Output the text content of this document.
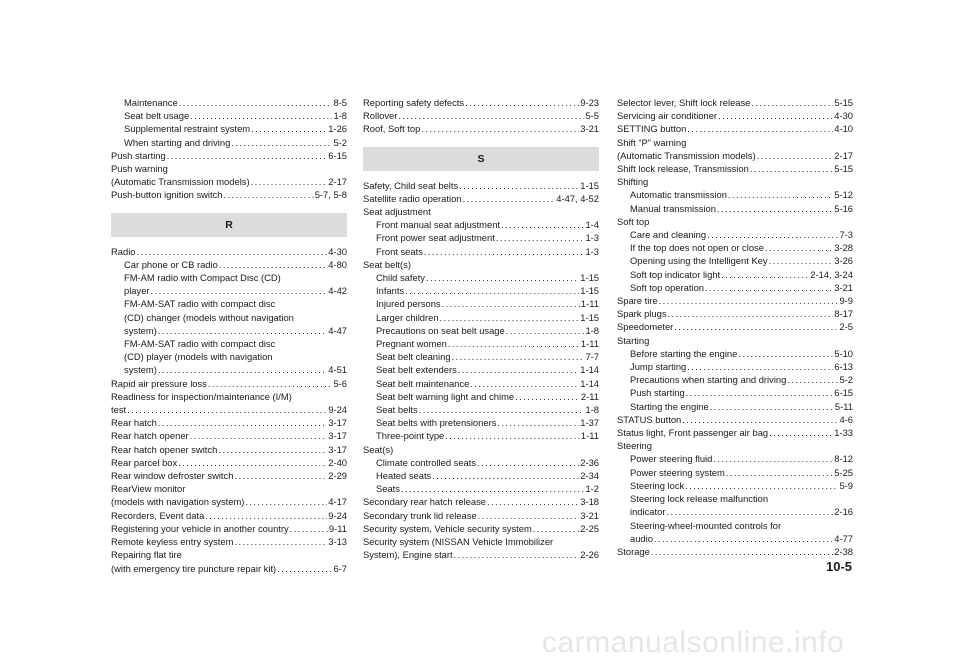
Maintenance . . .	8-5
Seat belt usage . . .	1-8
Supplemental restraint system . . .	1-26
When starting and driving . . .	5-2
Push starting . . .	6-15
Push warning
(Automatic Transmission models) . . .	2-17
Push-button ignition switch . . .	5-7, 5-8
R
Radio . . .	4-30
Car phone or CB radio . . .	4-80
FM-AM radio with Compact Disc (CD)
player . . .	4-42
FM-AM-SAT radio with compact disc
(CD) changer (models without navigation
system) . . .	4-47
FM-AM-SAT radio with compact disc
(CD) player (models with navigation
system) . . .	4-51
Rapid air pressure loss . . .	5-6
Readiness for inspection/maintenance (I/M)
test . . .	9-24
Rear hatch . . .	3-17
Rear hatch opener . . .	3-17
Rear hatch opener switch . . .	3-17
Rear parcel box . . .	2-40
Rear window defroster switch . . .	2-29
RearView monitor
(models with navigation system) . . .	4-17
Recorders, Event data . . .	9-24
Registering your vehicle in another country . . .	9-11
Remote keyless entry system . . .	3-13
Repairing flat tire
(with emergency tire puncture repair kit) . . .	6-7
Reporting safety defects . . .	9-23
Rollover . . .	5-5
Roof, Soft top . . .	3-21
S
Safety, Child seat belts . . .	1-15
Satellite radio operation . . .	4-47, 4-52
Seat adjustment
Front manual seat adjustment . . .	1-4
Front power seat adjustment . . .	1-3
Front seats . . .	1-3
Seat belt(s)
Child safety . . .	1-15
Infants . . .	1-15
Injured persons . . .	1-11
Larger children . . .	1-15
Precautions on seat belt usage . . .	1-8
Pregnant women . . .	1-11
Seat belt cleaning . . .	7-7
Seat belt extenders . . .	1-14
Seat belt maintenance . . .	1-14
Seat belt warning light and chime . . .	2-11
Seat belts . . .	1-8
Seat belts with pretensioners . . .	1-37
Three-point type . . .	1-11
Seat(s)
Climate controlled seats . . .	2-36
Heated seats . . .	2-34
Seats . . .	1-2
Secondary rear hatch release . . .	3-18
Secondary trunk lid release . . .	3-21
Security system, Vehicle security system . . .	2-25
Security system (NISSAN Vehicle Immobilizer
System), Engine start . . .	2-26
Selector lever, Shift lock release . . .	5-15
Servicing air conditioner . . .	4-30
SETTING button . . .	4-10
Shift “P” warning
(Automatic Transmission models) . . .	2-17
Shift lock release, Transmission . . .	5-15
Shifting
Automatic transmission . . .	5-12
Manual transmission . . .	5-16
Soft top
Care and cleaning . . .	7-3
If the top does not open or close . . .	3-28
Opening using the Intelligent Key . . .	3-26
Soft top indicator light . . .	2-14, 3-24
Soft top operation . . .	3-21
Spare tire . . .	9-9
Spark plugs . . .	8-17
Speedometer . . .	2-5
Starting
Before starting the engine . . .	5-10
Jump starting . . .	6-13
Precautions when starting and driving . . .	5-2
Push starting . . .	6-15
Starting the engine . . .	5-11
STATUS button . . .	4-6
Status light, Front passenger air bag . . .	1-33
Steering
Power steering fluid . . .	8-12
Power steering system . . .	5-25
Steering lock . . .	5-9
Steering lock release malfunction
indicator . . .	2-16
Steering-wheel-mounted controls for
audio . . .	4-77
Storage . . .	2-38
10-5
carmanualsonline.info
